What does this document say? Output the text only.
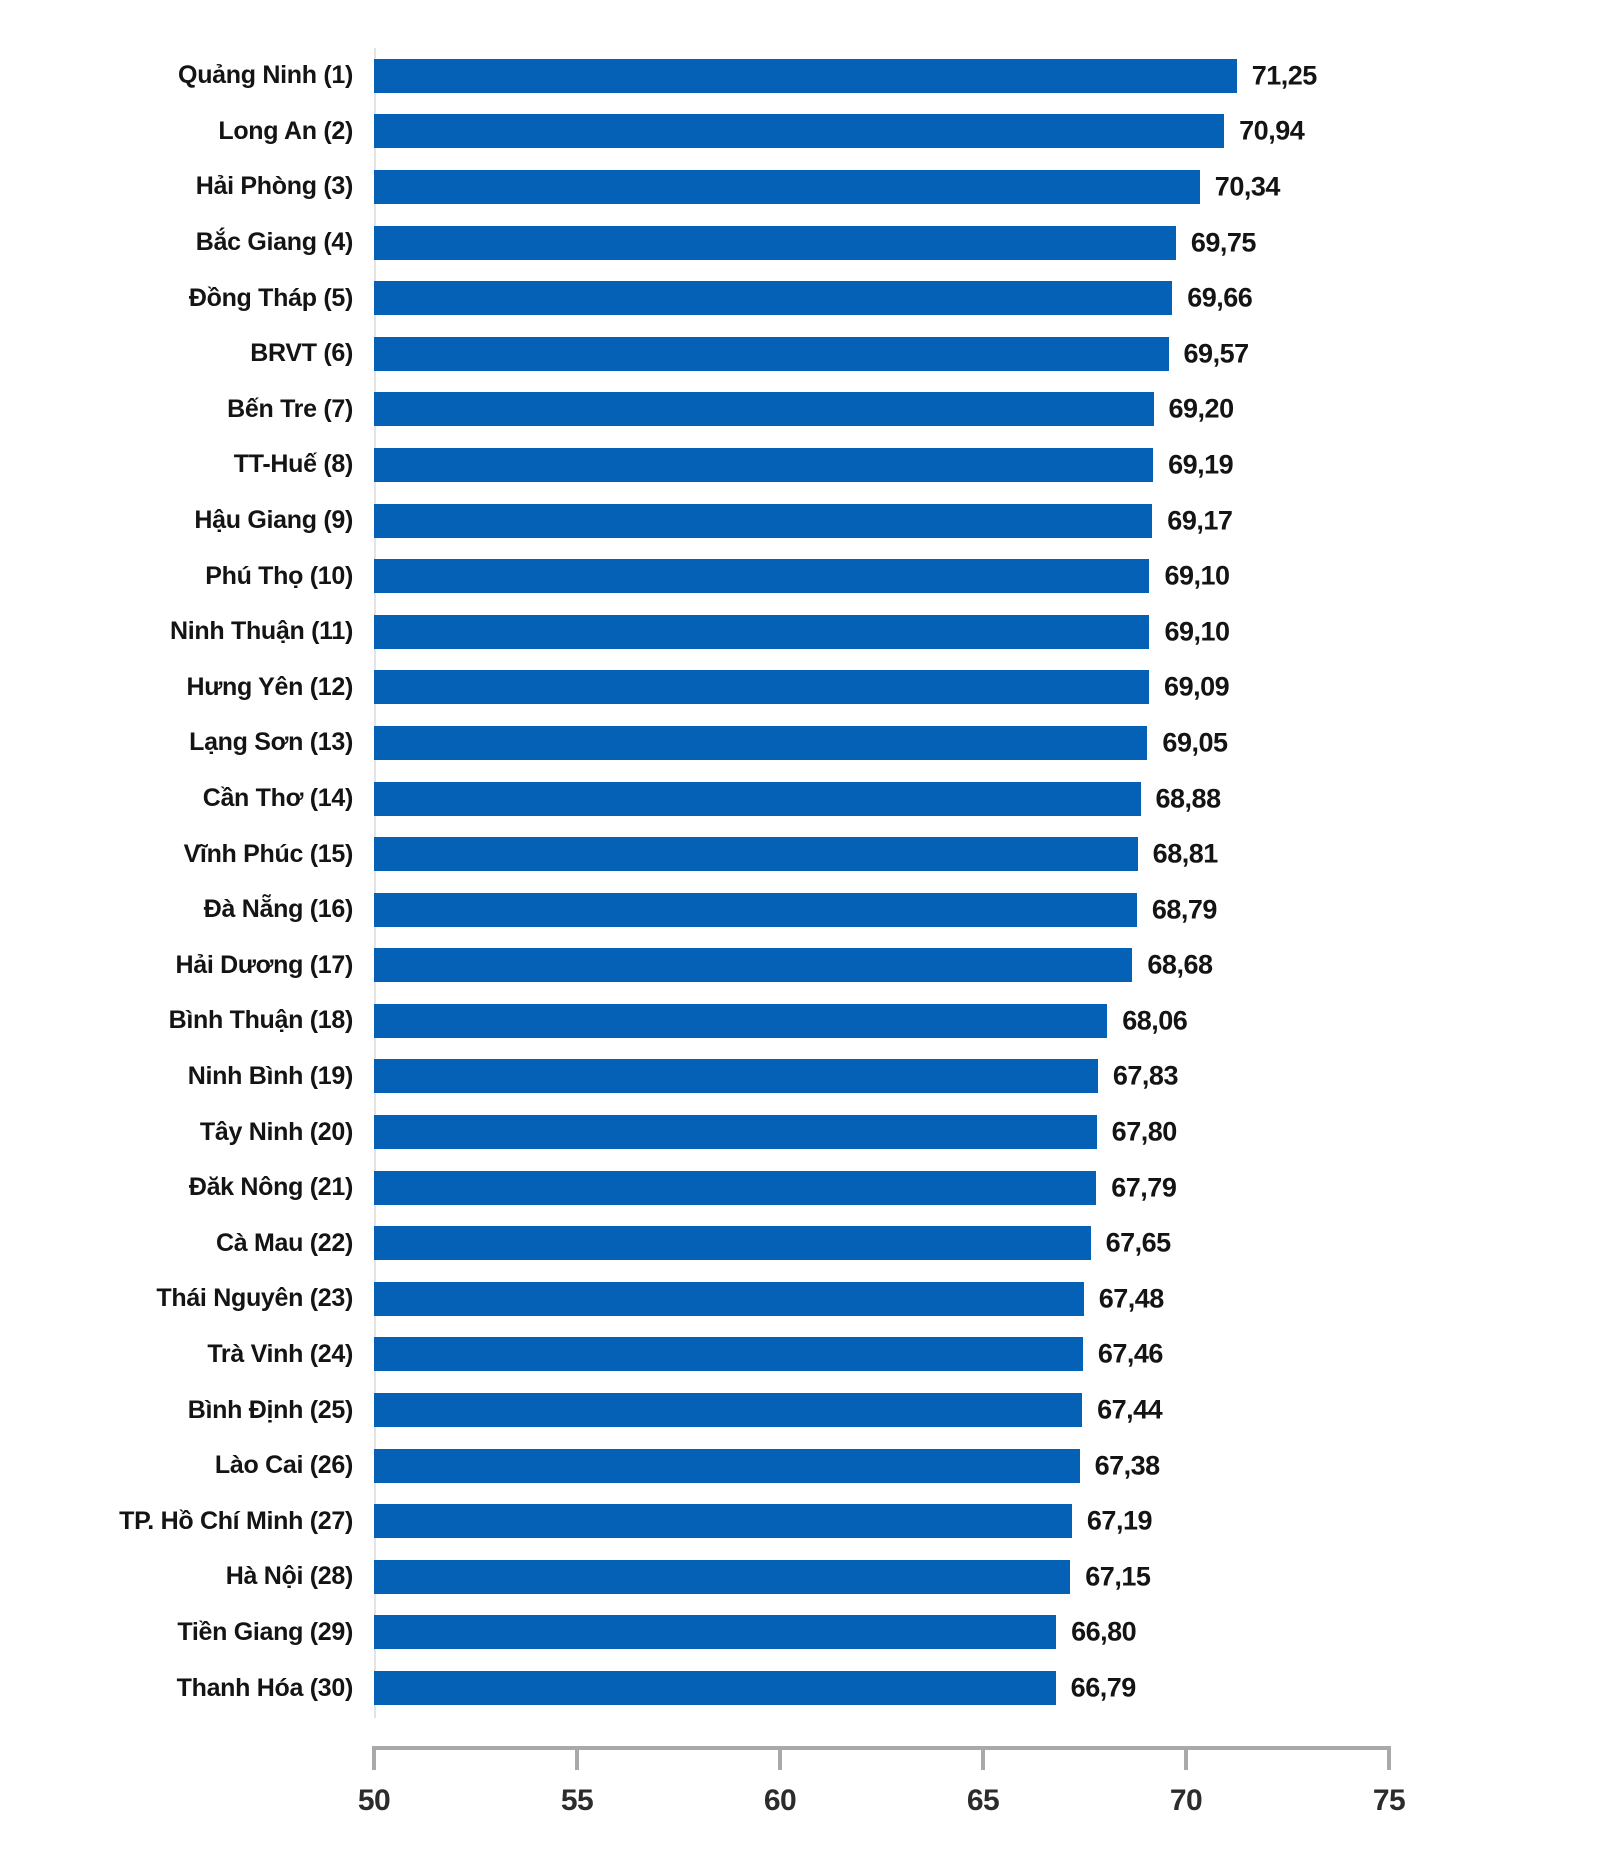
Quảng Ninh (1)	71,25
Long An (2)	70,94
Hải Phòng (3)	70,34
Bắc Giang (4)	69,75
Đồng Tháp (5)	69,66
BRVT (6)	69,57
Bến Tre (7)	69,20
TT-Huế (8)	69,19
Hậu Giang (9)	69,17
Phú Thọ (10)	69,10
Ninh Thuận (11)	69,10
Hưng Yên (12)	69,09
Lạng Sơn (13)	69,05
Cần Thơ (14)	68,88
Vĩnh Phúc (15)	68,81
Đà Nẵng (16)	68,79
Hải Dương (17)	68,68
Bình Thuận (18)	68,06
Ninh Bình (19)	67,83
Tây Ninh (20)	67,80
Đăk Nông (21)	67,79
Cà Mau (22)	67,65
Thái Nguyên (23)	67,48
Trà Vinh (24)	67,46
Bình Định (25)	67,44
Lào Cai (26)	67,38
TP. Hồ Chí Minh (27)	67,19
Hà Nội (28)	67,15
Tiền Giang (29)	66,80
Thanh Hóa (30)	66,79
50	55	60	65	70	75
